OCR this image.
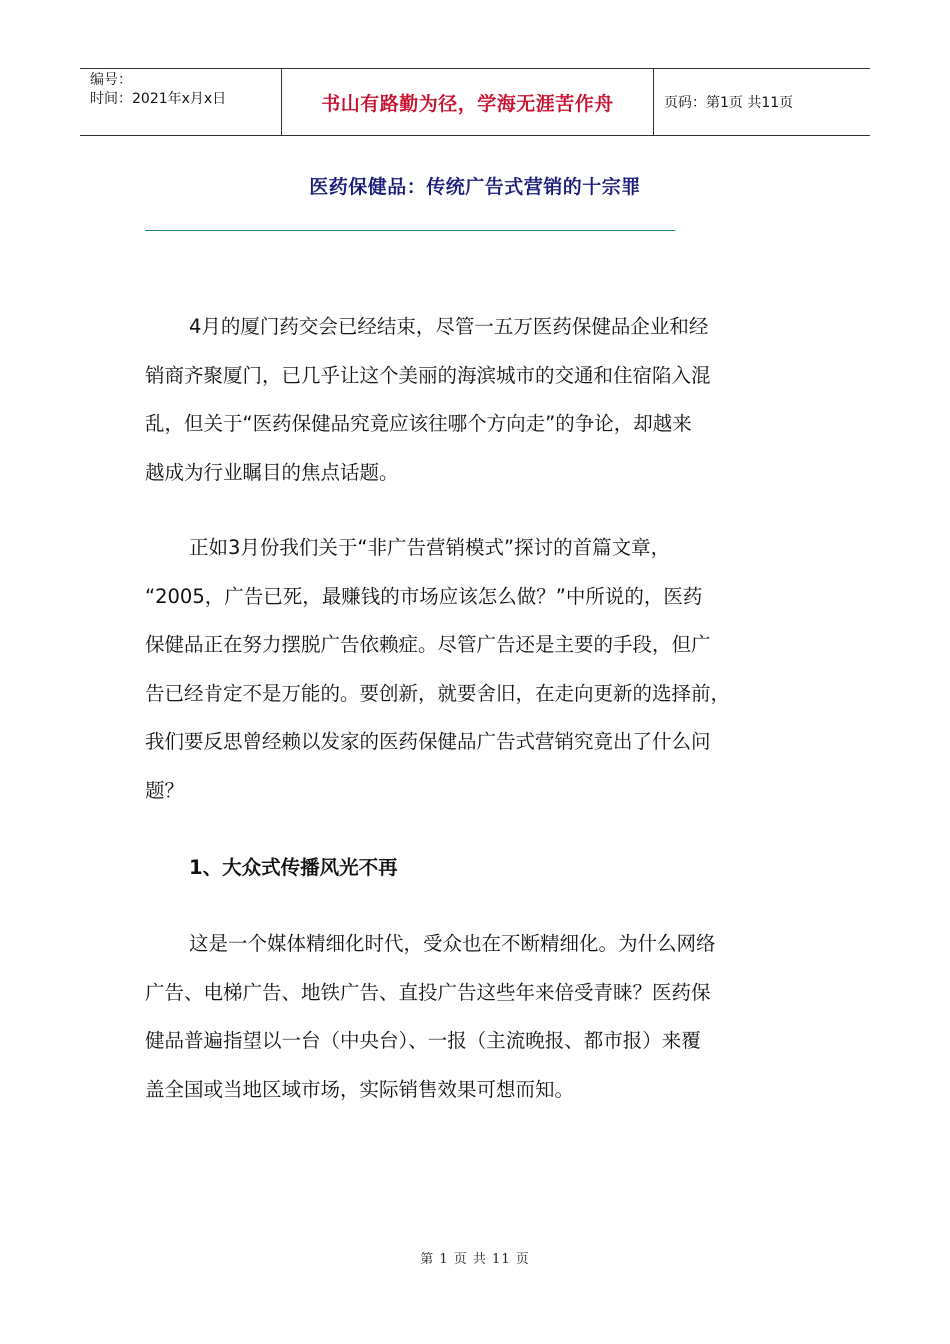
编号：
时间：2021年x月x日	书山有路勤为径，学海无涯苦作舟	页码：第1页 共11页
医药保健品：传统广告式营销的十宗罪

4月的厦门药交会已经结束，尽管一五万医药保健品企业和经
销商齐聚厦门，已几乎让这个美丽的海滨城市的交通和住宿陷入混
乱，但关于“医药保健品究竟应该往哪个方向走”的争论，却越来
越成为行业瞩目的焦点话题。

正如3月份我们关于“非广告营销模式”探讨的首篇文章，
“2005，广告已死，最赚钱的市场应该怎么做？”中所说的，医药
保健品正在努力摆脱广告依赖症。尽管广告还是主要的手段，但广
告已经肯定不是万能的。要创新，就要舍旧，在走向更新的选择前，
我们要反思曾经赖以发家的医药保健品广告式营销究竟出了什么问
题？

1、大众式传播风光不再

这是一个媒体精细化时代，受众也在不断精细化。为什么网络
广告、电梯广告、地铁广告、直投广告这些年来倍受青睐？医药保
健品普遍指望以一台（中央台）、一报（主流晚报、都市报）来覆
盖全国或当地区域市场，实际销售效果可想而知。

第 1 页 共 11 页
